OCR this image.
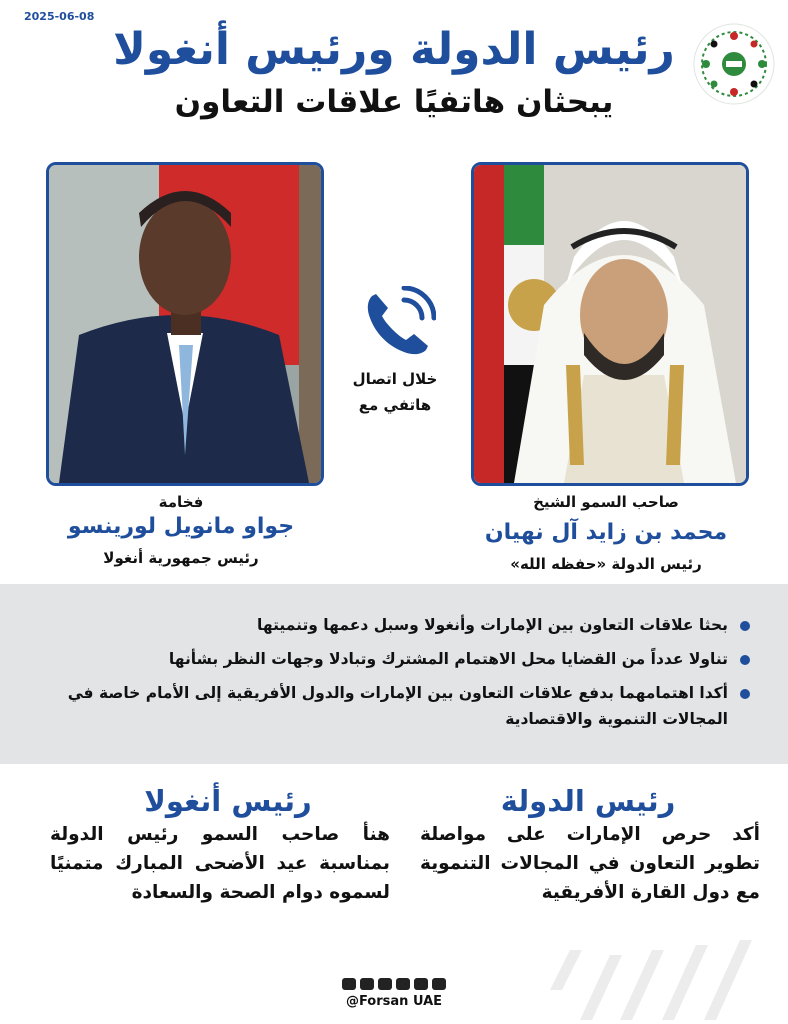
2025-06-08
رئيس الدولة ورئيس أنغولا
يبحثان هاتفيًا علاقات التعاون
خلال اتصال
هاتفي مع
فخامة
جواو مانويل لورينسو
رئيس جمهورية أنغولا
صاحب السمو الشيخ
محمد بن زايد آل نهيان
رئيس الدولة «حفظه الله»
بحثا علاقات التعاون بين الإمارات وأنغولا وسبل دعمها وتنميتها
تناولا عدداً من القضايا محل الاهتمام المشترك وتبادلا وجهات النظر بشأنها
أكدا اهتمامهما بدفع علاقات التعاون بين الإمارات والدول الأفريقية إلى الأمام خاصة في المجالات التنموية والاقتصادية
رئيس الدولة
أكد حرص الإمارات على مواصلة تطوير التعاون في المجالات التنموية مع دول القارة الأفريقية
رئيس أنغولا
هنأ صاحب السمو رئيس الدولة بمناسبة عيد الأضحى المبارك متمنيًا لسموه دوام الصحة والسعادة
@Forsan UAE
